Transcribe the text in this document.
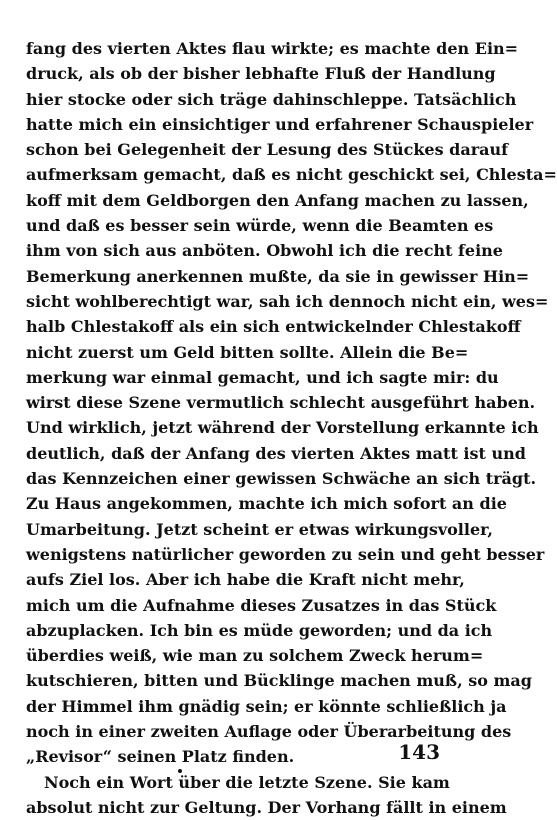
fang des vierten Aktes flau wirkte; es machte den Ein=
druck, als ob der bisher lebhafte Fluß der Handlung
hier stocke oder sich träge dahinschleppe. Tatsächlich
hatte mich ein einsichtiger und erfahrener Schauspieler
schon bei Gelegenheit der Lesung des Stückes darauf
aufmerksam gemacht, daß es nicht geschickt sei, Chlesta=
koff mit dem Geldborgen den Anfang machen zu lassen,
und daß es besser sein würde, wenn die Beamten es
ihm von sich aus anböten. Obwohl ich die recht feine
Bemerkung anerkennen mußte, da sie in gewisser Hin=
sicht wohlberechtigt war, sah ich dennoch nicht ein, wes=
halb Chlestakoff als ein sich entwickelnder Chlestakoff
nicht zuerst um Geld bitten sollte. Allein die Be=
merkung war einmal gemacht, und ich sagte mir: du
wirst diese Szene vermutlich schlecht ausgeführt haben.
Und wirklich, jetzt während der Vorstellung erkannte ich
deutlich, daß der Anfang des vierten Aktes matt ist und
das Kennzeichen einer gewissen Schwäche an sich trägt.
Zu Haus angekommen, machte ich mich sofort an die
Umarbeitung. Jetzt scheint er etwas wirkungsvoller,
wenigstens natürlicher geworden zu sein und geht besser
aufs Ziel los. Aber ich habe die Kraft nicht mehr,
mich um die Aufnahme dieses Zusatzes in das Stück
abzuplacken. Ich bin es müde geworden; und da ich
überdies weiß, wie man zu solchem Zweck herum=
kutschieren, bitten und Bücklinge machen muß, so mag
der Himmel ihm gnädig sein; er könnte schließlich ja
noch in einer zweiten Auflage oder Überarbeitung des
„Revisor“ seinen Platz finden.
Noch ein Wort über die letzte Szene. Sie kam
absolut nicht zur Geltung. Der Vorhang fällt in einem
143
